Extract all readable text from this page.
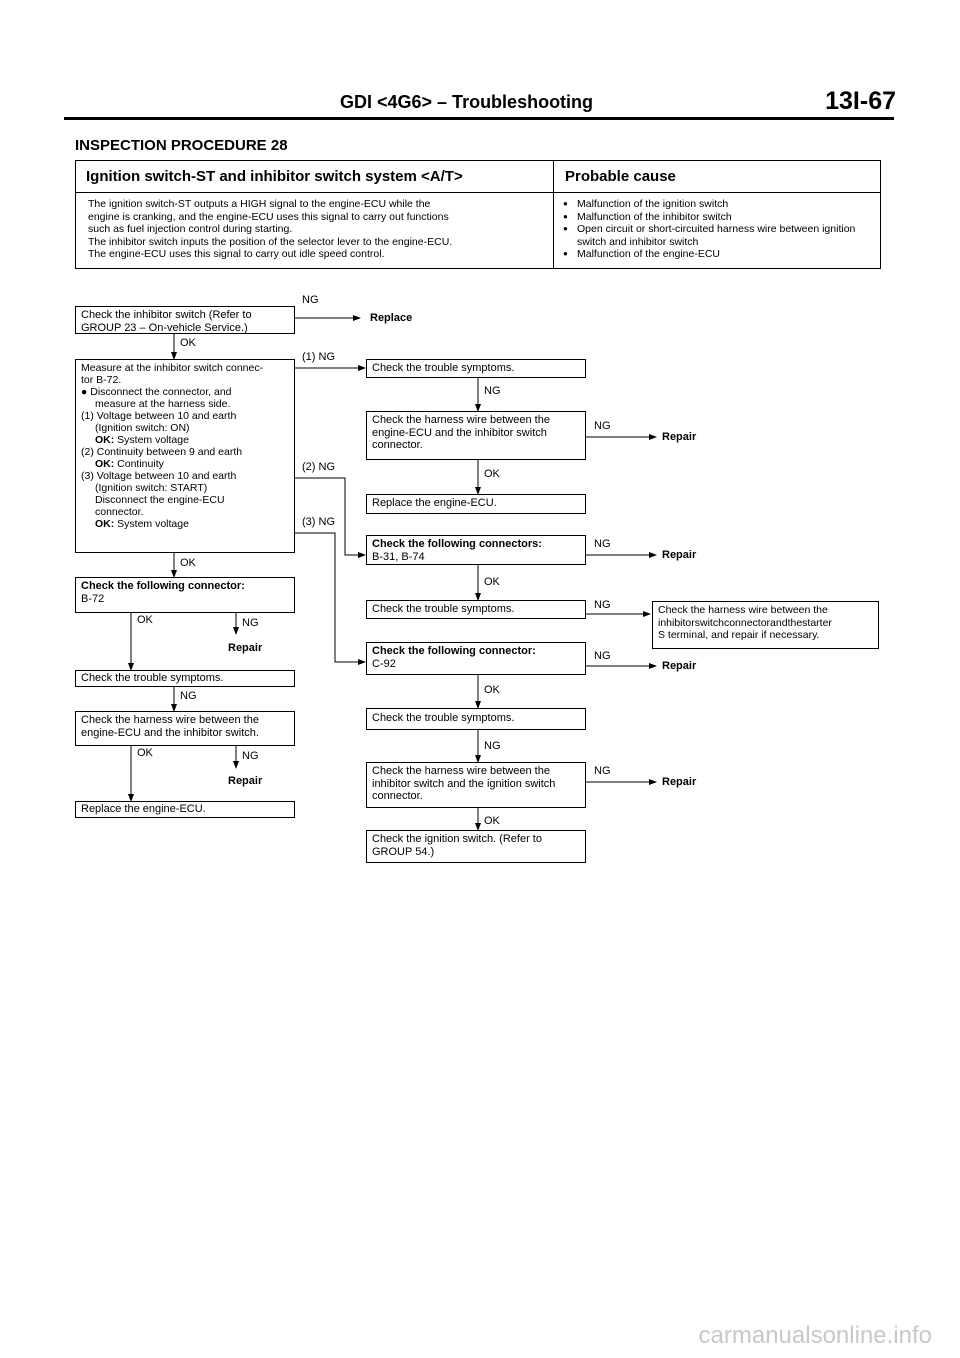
GDI <4G6> – Troubleshooting	13I-67
INSPECTION PROCEDURE 28
Ignition switch-ST and inhibitor switch system <A/T>	Probable cause
The ignition switch-ST outputs a HIGH signal to the engine-ECU while the
engine is cranking, and the engine-ECU uses this signal to carry out functions
such as fuel injection control during starting.
The inhibitor switch inputs the position of the selector lever to the engine-ECU.
The engine-ECU uses this signal to carry out idle speed control.
● Malfunction of the ignition switch
● Malfunction of the inhibitor switch
● Open circuit or short-circuited harness wire between ignition switch and inhibitor switch
● Malfunction of the engine-ECU
Check the inhibitor switch (Refer to
GROUP 23 – On-vehicle Service.)
Measure at the inhibitor switch connec-
tor B-72.
● Disconnect the connector, and
measure at the harness side.
(1) Voltage between 10 and earth
(Ignition switch: ON)
OK: System voltage
(2) Continuity between 9 and earth
OK: Continuity
(3) Voltage between 10 and earth
(Ignition switch: START)
Disconnect the engine-ECU
connector.
OK: System voltage
Check the following connector:
B-72
Check the trouble symptoms.
Check the harness wire between the
engine-ECU and the inhibitor switch.
Replace the engine-ECU.
Check the trouble symptoms.
Check the harness wire between the
engine-ECU and the inhibitor switch
connector.
Replace the engine-ECU.
Check the following connectors:
B-31, B-74
Check the trouble symptoms.
Check the following connector:
C-92
Check the trouble symptoms.
Check the harness wire between the
inhibitor switch and the ignition switch
connector.
Check the ignition switch. (Refer to
GROUP 54.)
Check the harness wire between the
inhibitorswitchconnectorandthestarter
S terminal, and repair if necessary.
NG
Replace
OK
(1) NG
NG
NG
Repair
(2) NG
OK
(3) NG
NG
Repair
OK
OK
NG
OK	NG
Repair
NG
Repair
OK
NG
NG
OK	NG
NG
Repair	Repair
OK
carmanualsonline.info
